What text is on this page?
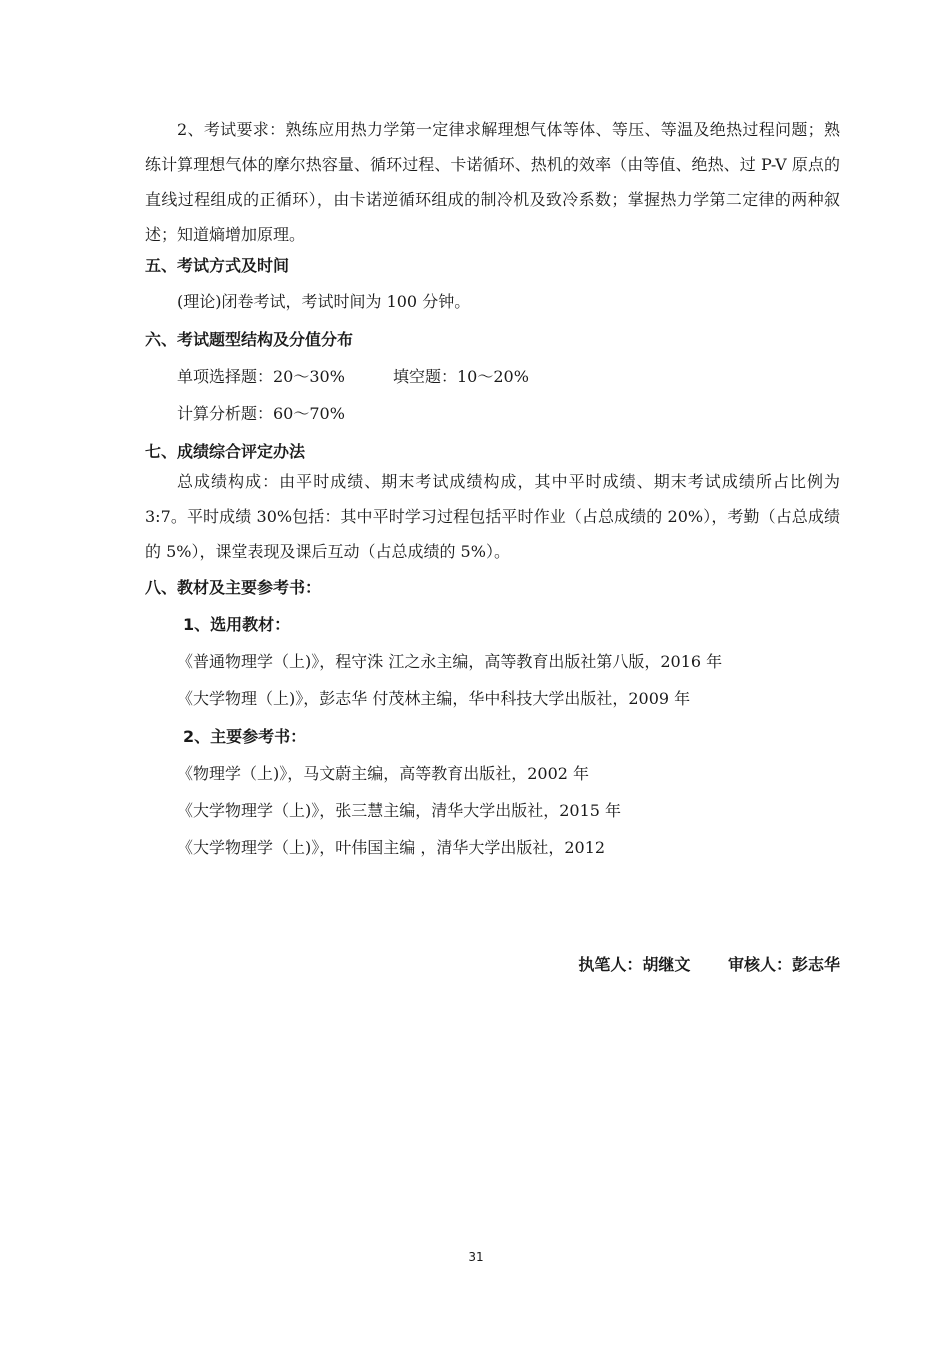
2、考试要求：熟练应用热力学第一定律求解理想气体等体、等压、等温及绝热过程问题；熟练计算理想气体的摩尔热容量、循环过程、卡诺循环、热机的效率（由等值、绝热、过 P-V 原点的直线过程组成的正循环），由卡诺逆循环组成的制冷机及致冷系数；掌握热力学第二定律的两种叙述；知道熵增加原理。
五、考试方式及时间
(理论)闭卷考试，考试时间为 100 分钟。
六、考试题型结构及分值分布
单项选择题：20～30%	填空题：10～20%
计算分析题：60～70%
七、成绩综合评定办法
总成绩构成：由平时成绩、期末考试成绩构成，其中平时成绩、期末考试成绩所占比例为 3:7。平时成绩 30%包括：其中平时学习过程包括平时作业（占总成绩的 20%），考勤（占总成绩的 5%），课堂表现及课后互动（占总成绩的 5%）。
八、教材及主要参考书：
1、选用教材：
《普通物理学（上)》，程守洙 江之永主编，高等教育出版社第八版，2016 年
《大学物理（上)》，彭志华 付茂林主编，华中科技大学出版社，2009 年
2、主要参考书：
《物理学（上)》，马文蔚主编，高等教育出版社，2002 年
《大学物理学（上)》，张三慧主编，清华大学出版社，2015 年
《大学物理学（上)》，叶伟国主编 ，清华大学出版社，2012
执笔人：胡继文 审核人：彭志华
31
